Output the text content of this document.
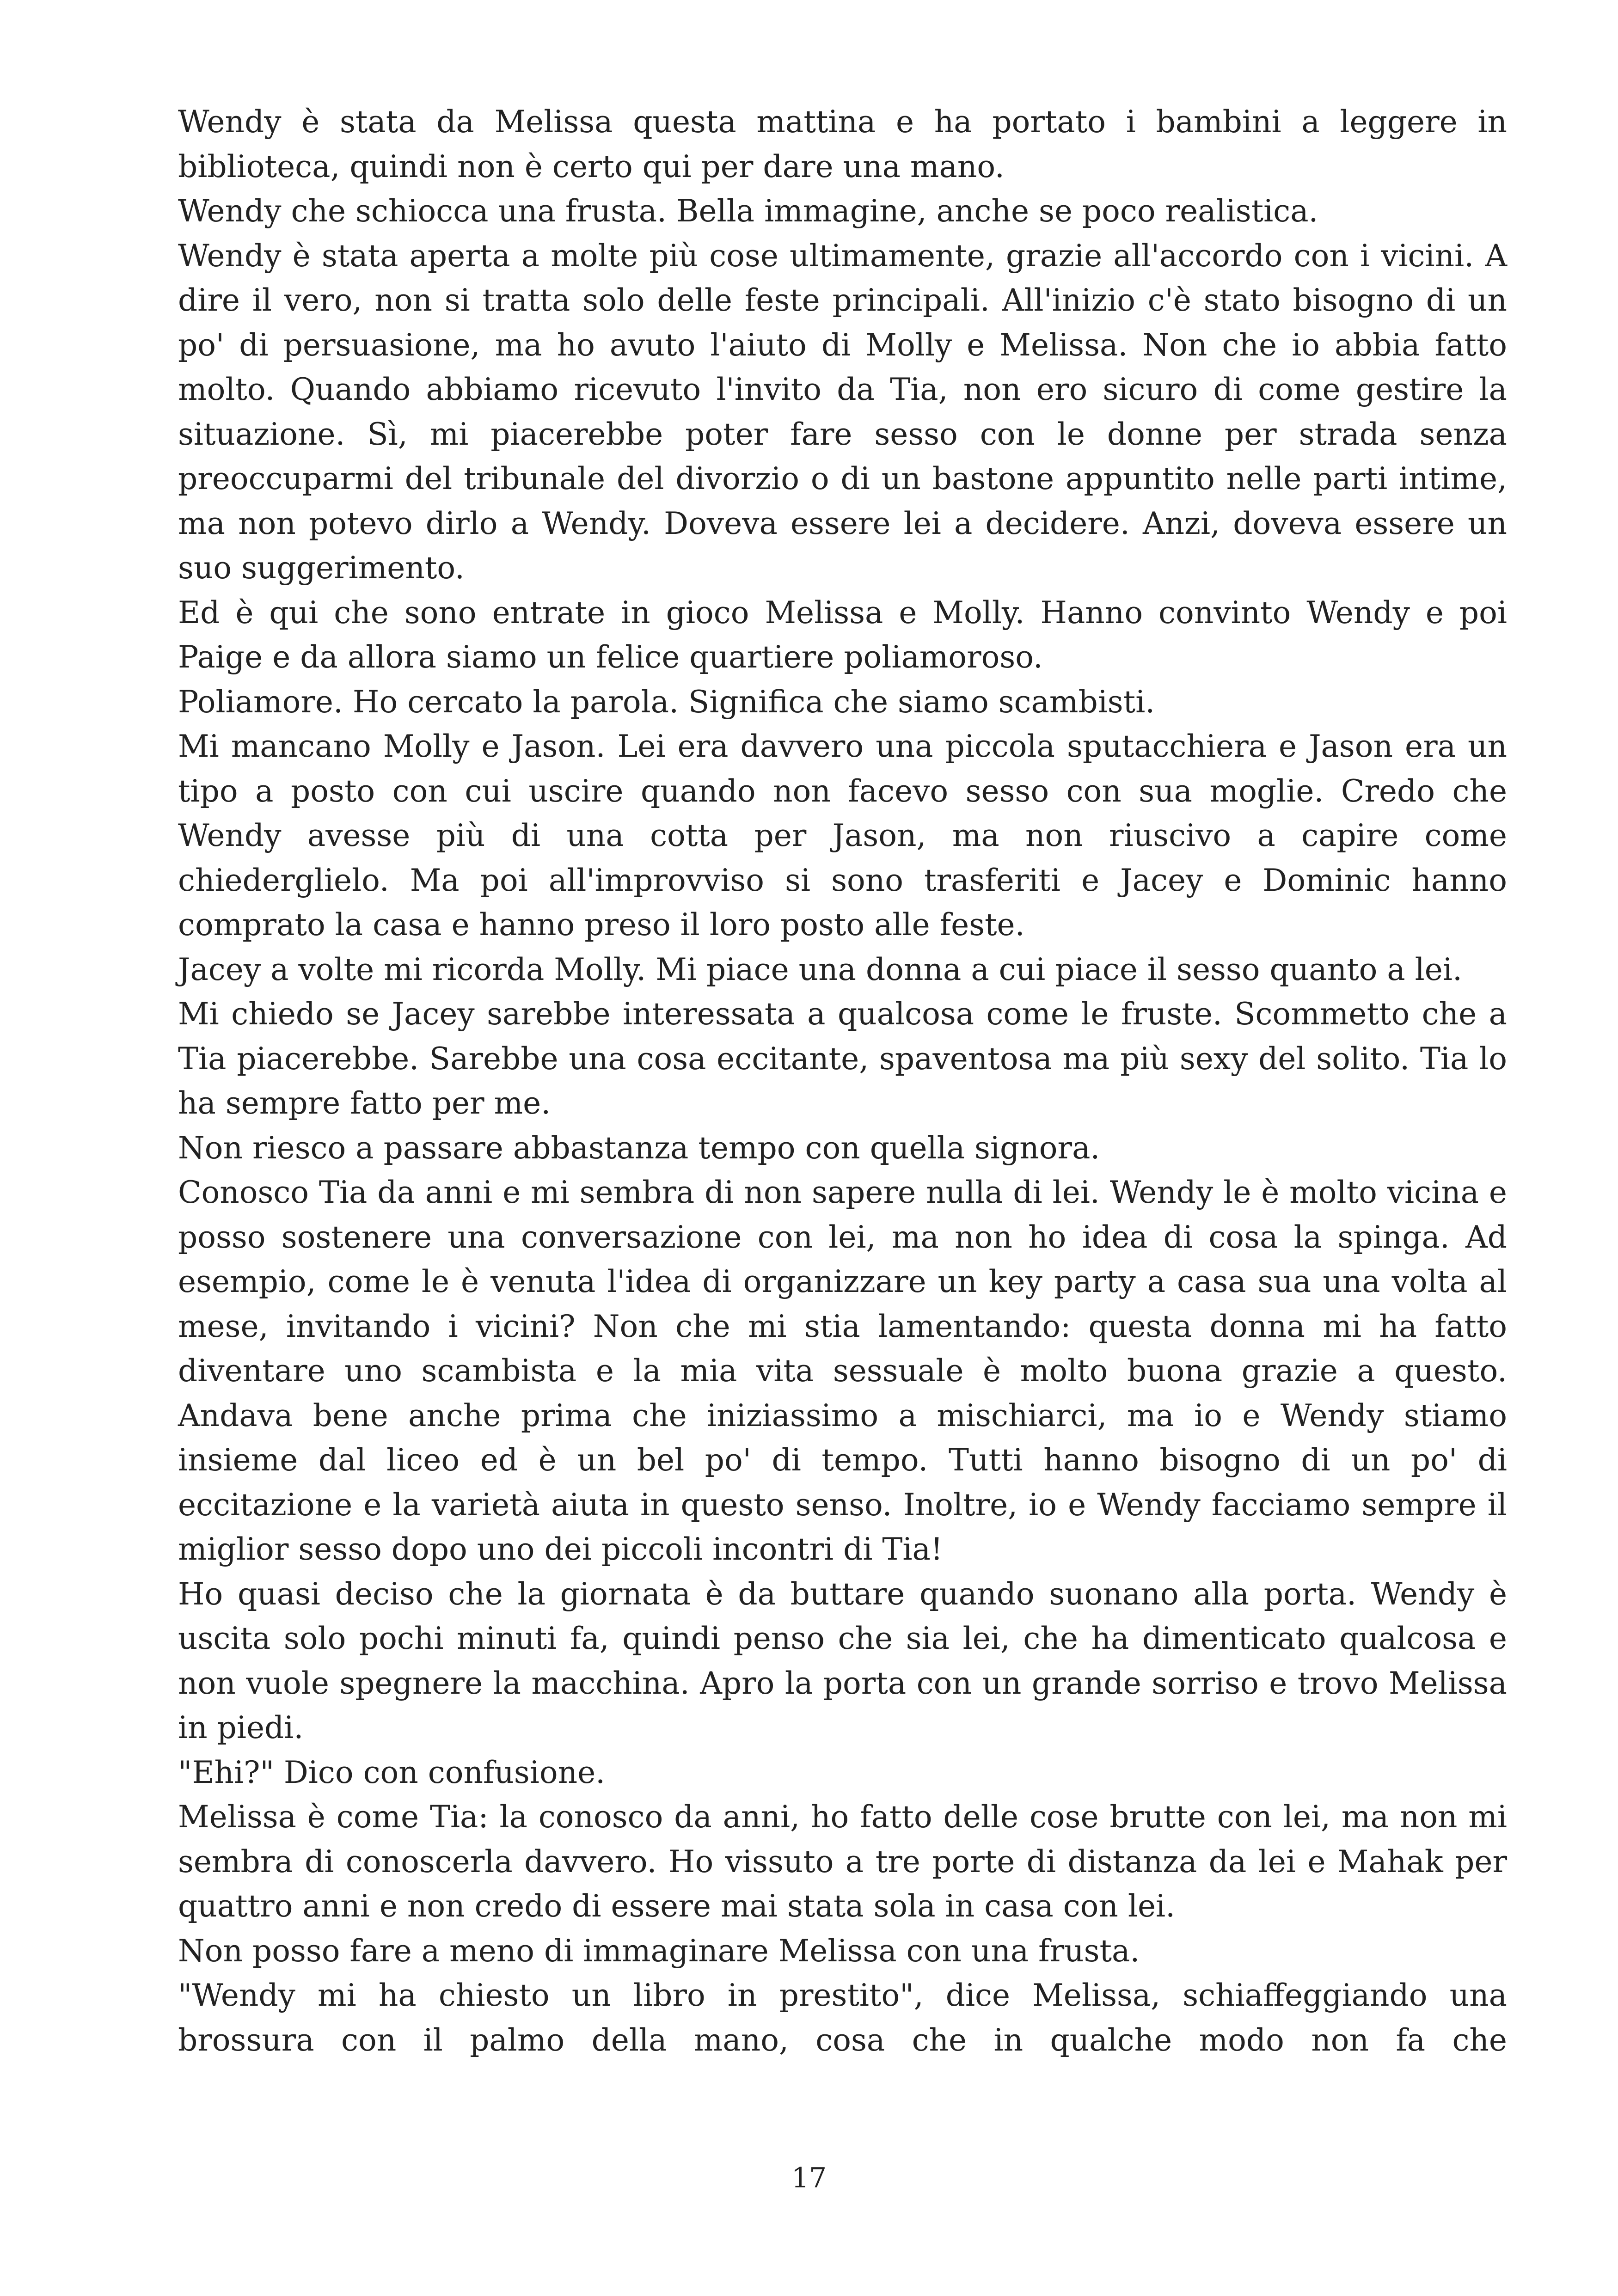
Wendy è stata da Melissa questa mattina e ha portato i bambini a leggere in biblioteca, quindi non è certo qui per dare una mano.

Wendy che schiocca una frusta. Bella immagine, anche se poco realistica.

Wendy è stata aperta a molte più cose ultimamente, grazie all'accordo con i vicini. A dire il vero, non si tratta solo delle feste principali. All'inizio c'è stato bisogno di un po' di persuasione, ma ho avuto l'aiuto di Molly e Melissa. Non che io abbia fatto molto. Quando abbiamo ricevuto l'invito da Tia, non ero sicuro di come gestire la situazione. Sì, mi piacerebbe poter fare sesso con le donne per strada senza preoccuparmi del tribunale del divorzio o di un bastone appuntito nelle parti intime, ma non potevo dirlo a Wendy. Doveva essere lei a decidere. Anzi, doveva essere un suo suggerimento.

Ed è qui che sono entrate in gioco Melissa e Molly. Hanno convinto Wendy e poi Paige e da allora siamo un felice quartiere poliamoroso.

Poliamore. Ho cercato la parola. Significa che siamo scambisti.

Mi mancano Molly e Jason. Lei era davvero una piccola sputacchiera e Jason era un tipo a posto con cui uscire quando non facevo sesso con sua moglie. Credo che Wendy avesse più di una cotta per Jason, ma non riuscivo a capire come chiederglielo. Ma poi all'improvviso si sono trasferiti e Jacey e Dominic hanno comprato la casa e hanno preso il loro posto alle feste.

Jacey a volte mi ricorda Molly. Mi piace una donna a cui piace il sesso quanto a lei.

Mi chiedo se Jacey sarebbe interessata a qualcosa come le fruste. Scommetto che a Tia piacerebbe. Sarebbe una cosa eccitante, spaventosa ma più sexy del solito. Tia lo ha sempre fatto per me.

Non riesco a passare abbastanza tempo con quella signora.

Conosco Tia da anni e mi sembra di non sapere nulla di lei. Wendy le è molto vicina e posso sostenere una conversazione con lei, ma non ho idea di cosa la spinga. Ad esempio, come le è venuta l'idea di organizzare un key party a casa sua una volta al mese, invitando i vicini? Non che mi stia lamentando: questa donna mi ha fatto diventare uno scambista e la mia vita sessuale è molto buona grazie a questo. Andava bene anche prima che iniziassimo a mischiarci, ma io e Wendy stiamo insieme dal liceo ed è un bel po' di tempo. Tutti hanno bisogno di un po' di eccitazione e la varietà aiuta in questo senso. Inoltre, io e Wendy facciamo sempre il miglior sesso dopo uno dei piccoli incontri di Tia!

Ho quasi deciso che la giornata è da buttare quando suonano alla porta. Wendy è uscita solo pochi minuti fa, quindi penso che sia lei, che ha dimenticato qualcosa e non vuole spegnere la macchina. Apro la porta con un grande sorriso e trovo Melissa in piedi.

"Ehi?" Dico con confusione.

Melissa è come Tia: la conosco da anni, ho fatto delle cose brutte con lei, ma non mi sembra di conoscerla davvero. Ho vissuto a tre porte di distanza da lei e Mahak per quattro anni e non credo di essere mai stata sola in casa con lei.

Non posso fare a meno di immaginare Melissa con una frusta.

"Wendy mi ha chiesto un libro in prestito", dice Melissa, schiaffeggiando una brossura con il palmo della mano, cosa che in qualche modo non fa che

17
